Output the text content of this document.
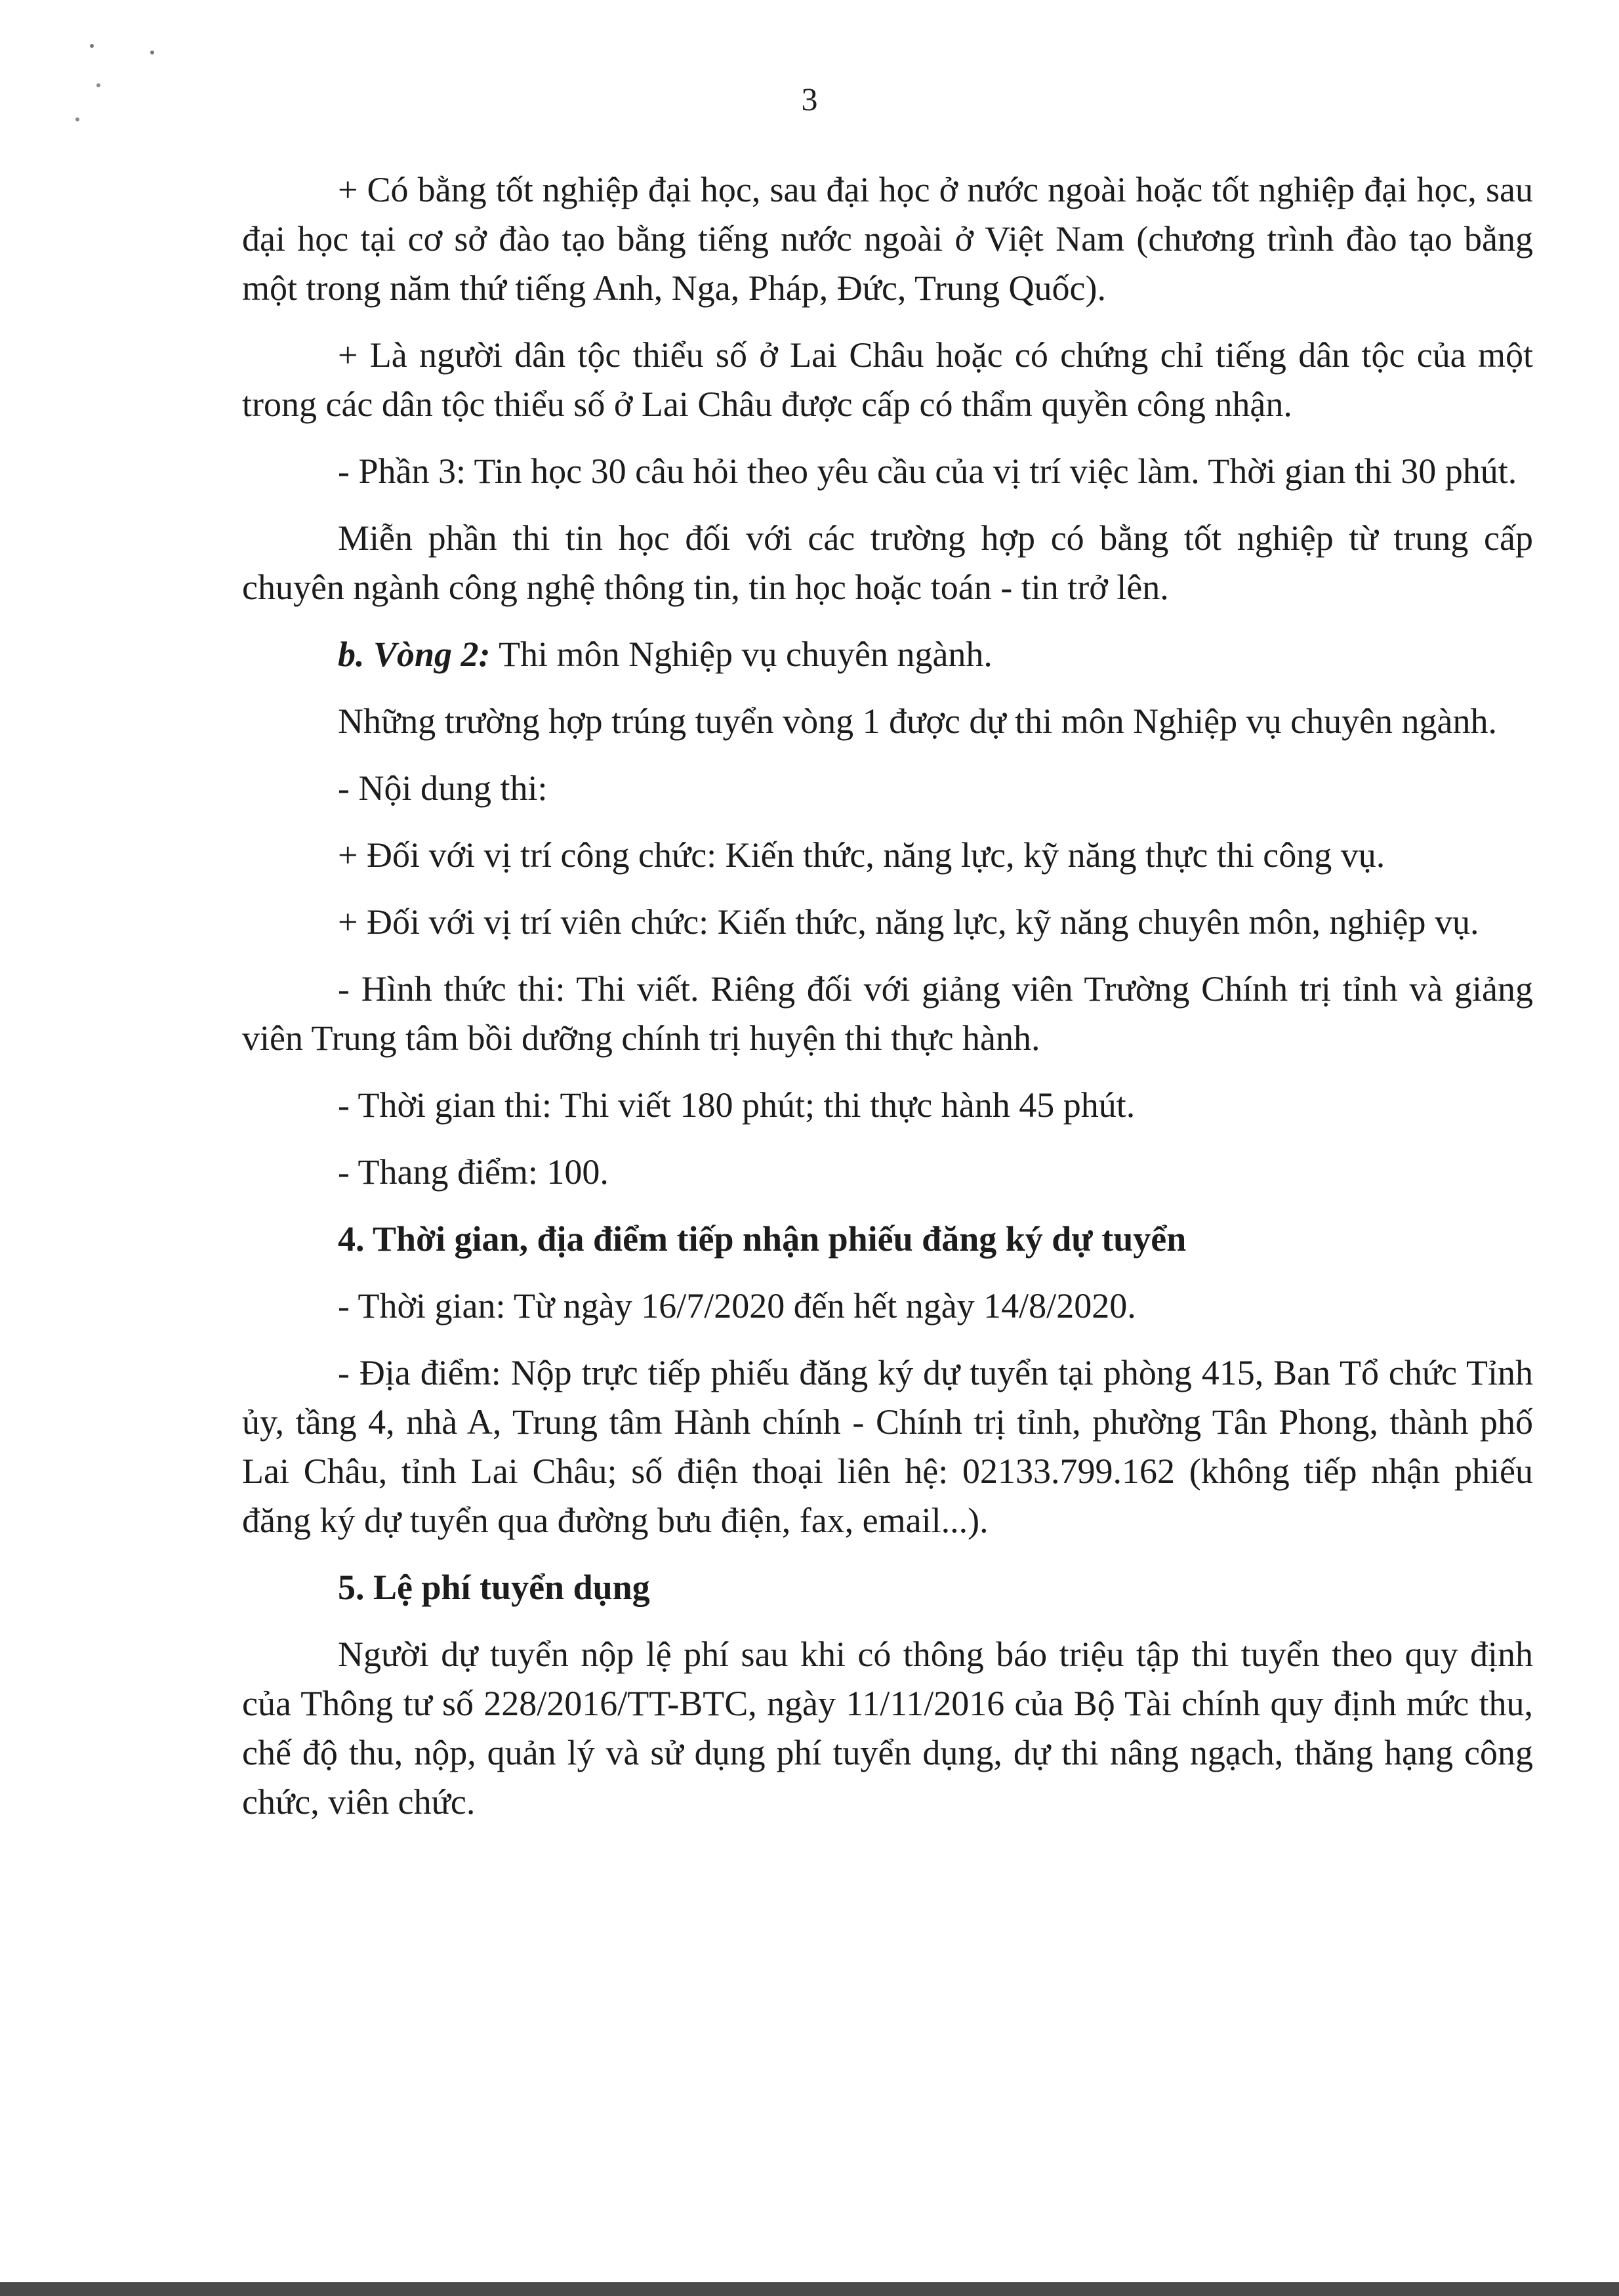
3

+ Có bằng tốt nghiệp đại học, sau đại học ở nước ngoài hoặc tốt nghiệp đại học, sau đại học tại cơ sở đào tạo bằng tiếng nước ngoài ở Việt Nam (chương trình đào tạo bằng một trong năm thứ tiếng Anh, Nga, Pháp, Đức, Trung Quốc).

+ Là người dân tộc thiểu số ở Lai Châu hoặc có chứng chỉ tiếng dân tộc của một trong các dân tộc thiểu số ở Lai Châu được cấp có thẩm quyền công nhận.

- Phần 3: Tin học 30 câu hỏi theo yêu cầu của vị trí việc làm. Thời gian thi 30 phút.

Miễn phần thi tin học đối với các trường hợp có bằng tốt nghiệp từ trung cấp chuyên ngành công nghệ thông tin, tin học hoặc toán - tin trở lên.

b. Vòng 2: Thi môn Nghiệp vụ chuyên ngành.

Những trường hợp trúng tuyển vòng 1 được dự thi môn Nghiệp vụ chuyên ngành.

- Nội dung thi:

+ Đối với vị trí công chức: Kiến thức, năng lực, kỹ năng thực thi công vụ.

+ Đối với vị trí viên chức: Kiến thức, năng lực, kỹ năng chuyên môn, nghiệp vụ.

- Hình thức thi: Thi viết. Riêng đối với giảng viên Trường Chính trị tỉnh và giảng viên Trung tâm bồi dưỡng chính trị huyện thi thực hành.

- Thời gian thi: Thi viết 180 phút; thi thực hành 45 phút.

- Thang điểm: 100.

4. Thời gian, địa điểm tiếp nhận phiếu đăng ký dự tuyển

- Thời gian: Từ ngày 16/7/2020 đến hết ngày 14/8/2020.

- Địa điểm: Nộp trực tiếp phiếu đăng ký dự tuyển tại phòng 415, Ban Tổ chức Tỉnh ủy, tầng 4, nhà A, Trung tâm Hành chính - Chính trị tỉnh, phường Tân Phong, thành phố Lai Châu, tỉnh Lai Châu; số điện thoại liên hệ: 02133.799.162 (không tiếp nhận phiếu đăng ký dự tuyển qua đường bưu điện, fax, email...).

5. Lệ phí tuyển dụng

Người dự tuyển nộp lệ phí sau khi có thông báo triệu tập thi tuyển theo quy định của Thông tư số 228/2016/TT-BTC, ngày 11/11/2016 của Bộ Tài chính quy định mức thu, chế độ thu, nộp, quản lý và sử dụng phí tuyển dụng, dự thi nâng ngạch, thăng hạng công chức, viên chức.
